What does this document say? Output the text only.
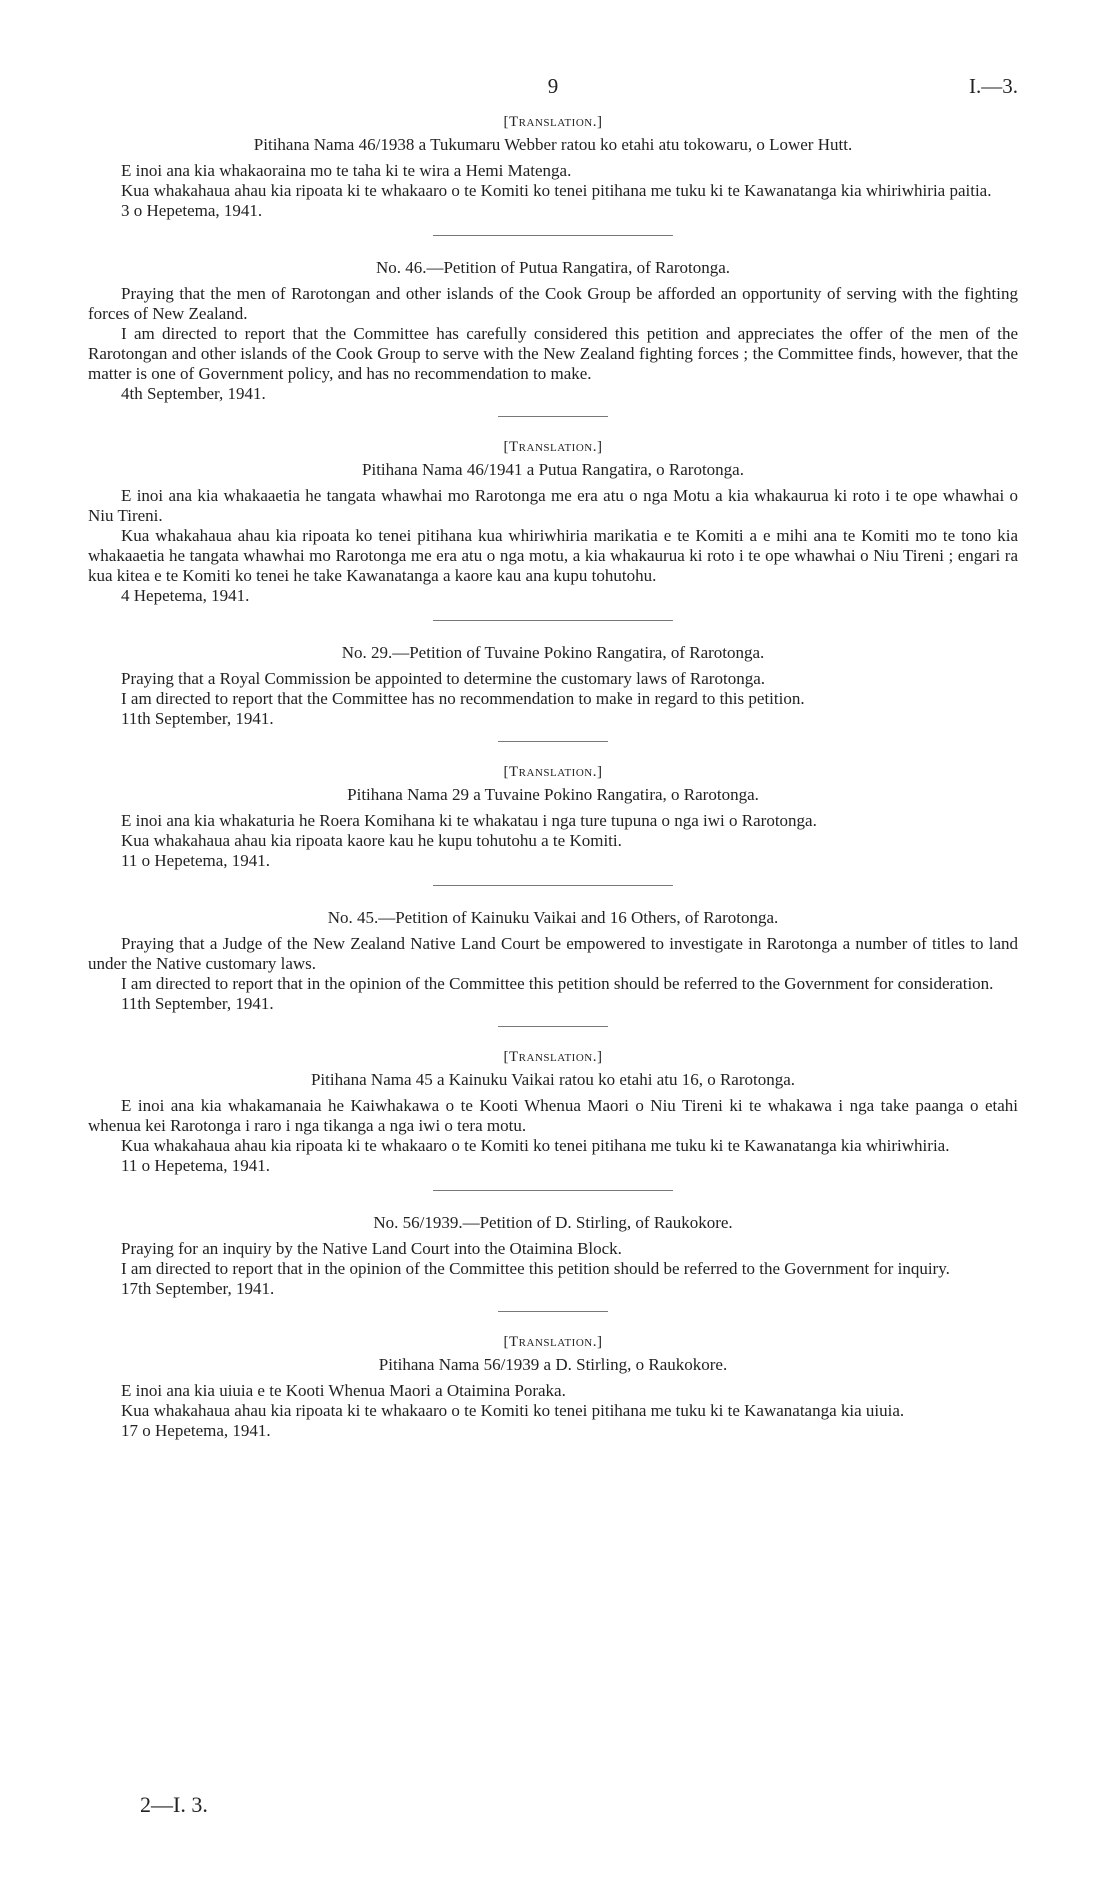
9	I.—3.
[Translation.]
Pitihana Nama 46/1938 a Tukumaru Webber ratou ko etahi atu tokowaru, o Lower Hutt.

E inoi ana kia whakaoraina mo te taha ki te wira a Hemi Matenga.

Kua whakahaua ahau kia ripoata ki te whakaaro o te Komiti ko tenei pitihana me tuku ki te Kawanatanga kia whiriwhiria paitia.

3 o Hepetema, 1941.

No. 46.—Petition of Putua Rangatira, of Rarotonga.

Praying that the men of Rarotongan and other islands of the Cook Group be afforded an opportunity of serving with the fighting forces of New Zealand.

I am directed to report that the Committee has carefully considered this petition and appreciates the offer of the men of the Rarotongan and other islands of the Cook Group to serve with the New Zealand fighting forces ; the Committee finds, however, that the matter is one of Government policy, and has no recommendation to make.

4th September, 1941.

[Translation.]
Pitihana Nama 46/1941 a Putua Rangatira, o Rarotonga.

E inoi ana kia whakaaetia he tangata whawhai mo Rarotonga me era atu o nga Motu a kia whakaurua ki roto i te ope whawhai o Niu Tireni.

Kua whakahaua ahau kia ripoata ko tenei pitihana kua whiriwhiria marikatia e te Komiti a e mihi ana te Komiti mo te tono kia whakaaetia he tangata whawhai mo Rarotonga me era atu o nga motu, a kia whakaurua ki roto i te ope whawhai o Niu Tireni ; engari ra kua kitea e te Komiti ko tenei he take Kawanatanga a kaore kau ana kupu tohutohu.

4 Hepetema, 1941.

No. 29.—Petition of Tuvaine Pokino Rangatira, of Rarotonga.

Praying that a Royal Commission be appointed to determine the customary laws of Rarotonga.

I am directed to report that the Committee has no recommendation to make in regard to this petition.

11th September, 1941.

[Translation.]
Pitihana Nama 29 a Tuvaine Pokino Rangatira, o Rarotonga.

E inoi ana kia whakaturia he Roera Komihana ki te whakatau i nga ture tupuna o nga iwi o Rarotonga.

Kua whakahaua ahau kia ripoata kaore kau he kupu tohutohu a te Komiti.

11 o Hepetema, 1941.

No. 45.—Petition of Kainuku Vaikai and 16 Others, of Rarotonga.

Praying that a Judge of the New Zealand Native Land Court be empowered to investigate in Rarotonga a number of titles to land under the Native customary laws.

I am directed to report that in the opinion of the Committee this petition should be referred to the Government for consideration.

11th September, 1941.

[Translation.]
Pitihana Nama 45 a Kainuku Vaikai ratou ko etahi atu 16, o Rarotonga.

E inoi ana kia whakamanaia he Kaiwhakawa o te Kooti Whenua Maori o Niu Tireni ki te whakawa i nga take paanga o etahi whenua kei Rarotonga i raro i nga tikanga a nga iwi o tera motu.

Kua whakahaua ahau kia ripoata ki te whakaaro o te Komiti ko tenei pitihana me tuku ki te Kawanatanga kia whiriwhiria.

11 o Hepetema, 1941.

No. 56/1939.—Petition of D. Stirling, of Raukokore.

Praying for an inquiry by the Native Land Court into the Otaimina Block.

I am directed to report that in the opinion of the Committee this petition should be referred to the Government for inquiry.

17th September, 1941.

[Translation.]
Pitihana Nama 56/1939 a D. Stirling, o Raukokore.

E inoi ana kia uiuia e te Kooti Whenua Maori a Otaimina Poraka.

Kua whakahaua ahau kia ripoata ki te whakaaro o te Komiti ko tenei pitihana me tuku ki te Kawanatanga kia uiuia.

17 o Hepetema, 1941.

2—I. 3.
